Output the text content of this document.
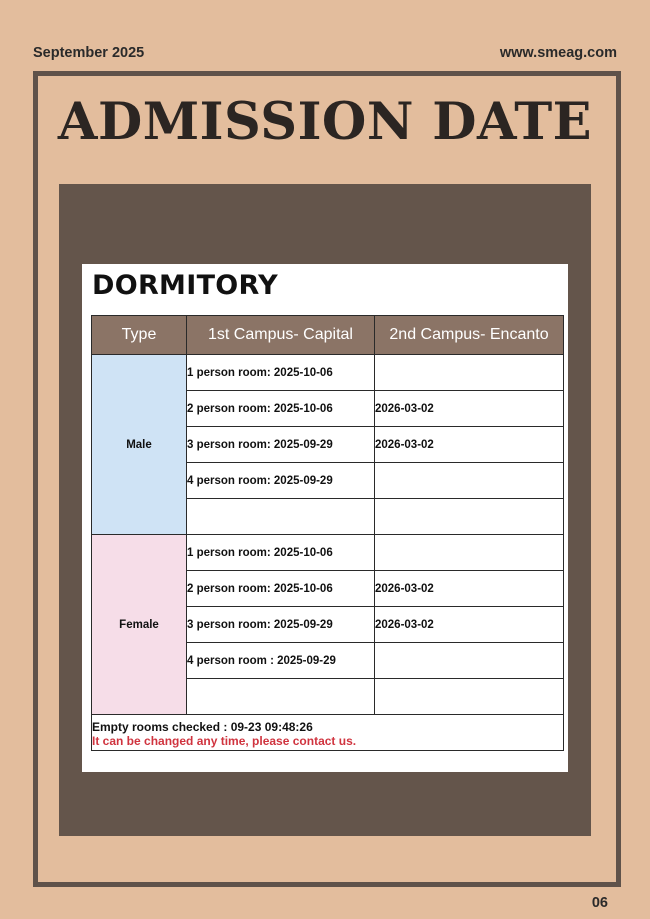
September 2025	www.smeag.com
ADMISSION DATE
DORMITORY
Type	1st Campus- Capital	2nd Campus- Encanto
Male	1 person room: 2025-10-06	
	2 person room: 2025-10-06	2026-03-02
	3 person room: 2025-09-29	2026-03-02
	4 person room: 2025-09-29	

Female	1 person room: 2025-10-06	
	2 person room: 2025-10-06	2026-03-02
	3 person room: 2025-09-29	2026-03-02
	4 person room : 2025-09-29	

Empty rooms checked : 09-23 09:48:26
It can be changed any time, please contact us.		
06
